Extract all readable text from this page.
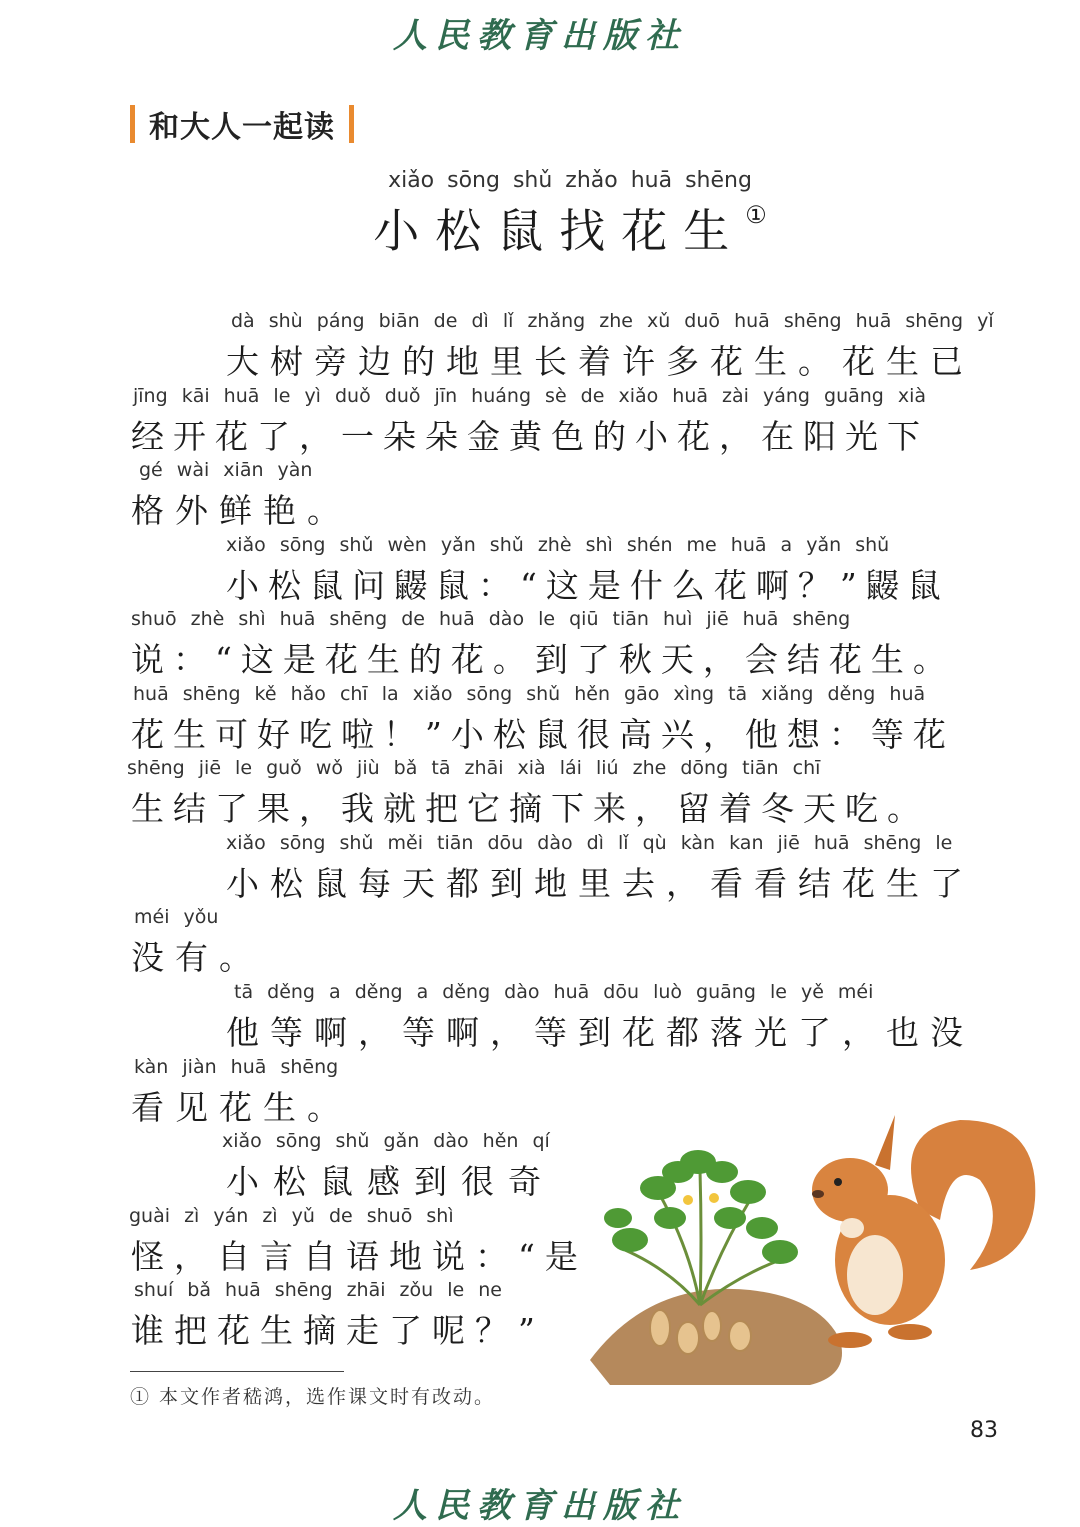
人民教育出版社
和大人一起读
xiǎo sōng shǔ zhǎo huā shēng
小松鼠找花生①
dà shù páng biān de dì lǐ zhǎng zhe xǔ duō huā shēng huā shēng yǐ
大树旁边的地里长着许多花生。花生已
jīng kāi huā le yì duǒ duǒ jīn huáng sè de xiǎo huā zài yáng guāng xià
经开花了，一朵朵金黄色的小花，在阳光下
gé wài xiān yàn
格外鲜艳。
xiǎo sōng shǔ wèn yǎn shǔ zhè shì shén me huā a yǎn shǔ
小松鼠问鼹鼠：“这是什么花啊？”鼹鼠
shuō zhè shì huā shēng de huā dào le qiū tiān huì jiē huā shēng
说：“这是花生的花。到了秋天，会结花生。
huā shēng kě hǎo chī la xiǎo sōng shǔ hěn gāo xìng tā xiǎng děng huā
花生可好吃啦！”小松鼠很高兴，他想：等花
shēng jiē le guǒ wǒ jiù bǎ tā zhāi xià lái liú zhe dōng tiān chī
生结了果，我就把它摘下来，留着冬天吃。
xiǎo sōng shǔ měi tiān dōu dào dì lǐ qù kàn kan jiē huā shēng le
小松鼠每天都到地里去，看看结花生了
méi yǒu
没有。
tā děng a děng a děng dào huā dōu luò guāng le yě méi
他等啊，等啊，等到花都落光了，也没
kàn jiàn huā shēng
看见花生。
xiǎo sōng shǔ gǎn dào hěn qí
小松鼠感到很奇
guài zì yán zì yǔ de shuō shì
怪，自言自语地说：“是
shuí bǎ huā shēng zhāi zǒu le ne
谁把花生摘走了呢？”
① 本文作者嵇鸿，选作课文时有改动。
83
人民教育出版社
